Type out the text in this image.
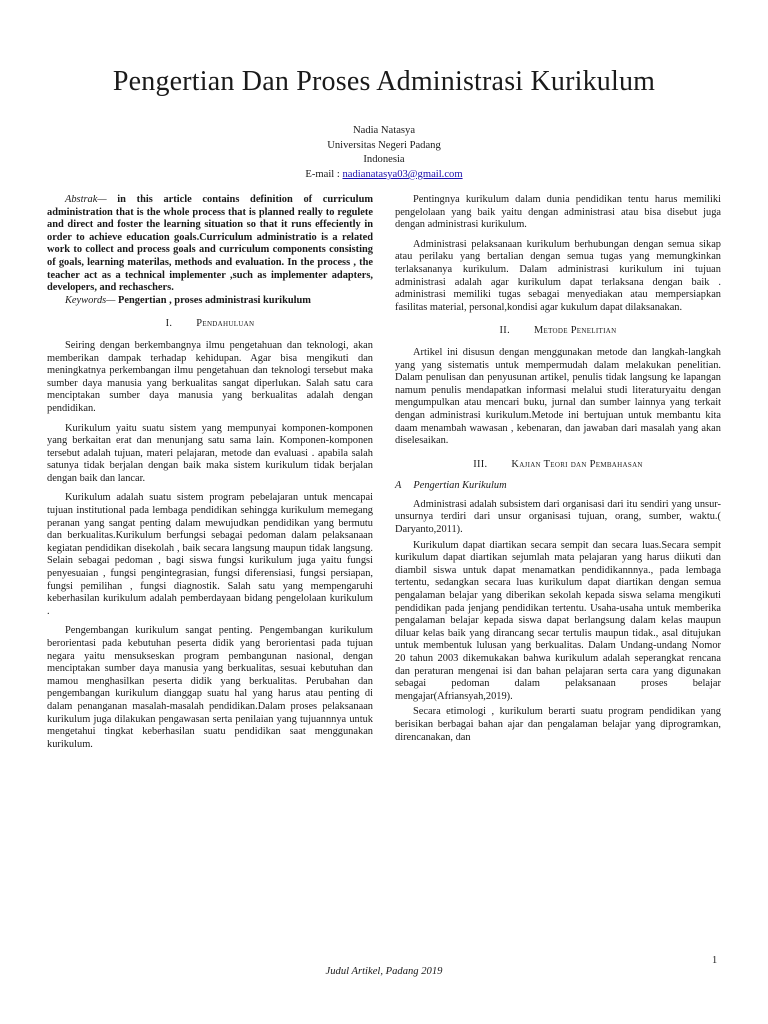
Pengertian Dan Proses Administrasi Kurikulum
Nadia Natasya
Universitas Negeri Padang
Indonesia
E-mail : nadianatasya03@gmail.com

Abstrak— in this article contains definition of curriculum administration that is the whole process that is planned really to regulete and direct and foster the learning situation so that it runs effeciently in order to achieve education goals.Curriculum administratio is a related work to collect and process goals and curriculum components consisting of goals, learning materilas, methods and evaluation. In the process , the teacher act as a technical implementer ,such as implementer adapters, developers, and rechaschers.

Keywords— Pengertian , proses administrasi kurikulum

I. Pendahuluan

Seiring dengan berkembangnya ilmu pengetahuan dan teknologi, akan memberikan dampak terhadap kehidupan. Agar bisa mengikuti dan meningkatnya perkembangan ilmu pengetahuan dan teknologi tersebut maka sumber daya manusia yang berkualitas sangat diperlukan. Salah satu cara menciptakan sumber daya manusia yang berkualitas adalah dengan pendidikan.

Kurikulum yaitu suatu sistem yang mempunyai komponen-komponen yang berkaitan erat dan menunjang satu sama lain. Komponen-komponen tersebut adalah tujuan, materi pelajaran, metode dan evaluasi . apabila salah satunya tidak berjalan dengan baik maka sistem kurikulum tidak berjalan dengan baik dan lancar.

Kurikulum adalah suatu sistem program pebelajaran untuk mencapai tujuan institutional pada lembaga pendidikan sehingga kurikulum memegang peranan yang sangat penting dalam mewujudkan pendidikan yang bermutu dan berkualitas.Kurikulum berfungsi sebagai pedoman dalam pelaksanaan kegiatan pendidikan disekolah , baik secara langsung maupun tidak langsung. Selain sebagai pedoman , bagi siswa fungsi kurikulum juga yaitu fungsi penyesuaian , fungsi pengintegrasian, fungsi diferensiasi, fungsi persiapan, fungsi pemilihan , fungsi diagnostik. Salah satu yang mempengaruhi keberhasilan kurikulum adalah pemberdayaan bidang pengelolaan kurikulum .

Pengembangan kurikulum sangat penting. Pengembangan kurikulum berorientasi pada kebutuhan peserta didik yang berorientasi pada tujuan negara yaitu mensukseskan program pembangunan nasional, dengan menciptakan sumber daya manusia yang berkualitas, sesuai kebutuhan dan mamou menghasilkan peserta didik yang berkualitas. Perubahan dan pengembangan kurikulum dianggap suatu hal yang harus atau penting di dalam penanganan masalah-masalah pendidikan.Dalam proses pelaksanaan kurikulum juga dilakukan pengawasan serta penilaian yang tujuannnya untuk mengetahui tingkat keberhasilan suatu pendidikan saat menggunakan kurikulum.

Pentingnya kurikulum dalam dunia pendidikan tentu harus memiliki pengelolaan yang baik yaitu dengan administrasi atau bisa disebut juga dengan administrasi kurikulum.

Administrasi pelaksanaan kurikulum berhubungan dengan semua sikap atau perilaku yang bertalian dengan semua tugas yang memungkinkan terlaksananya kurikulum. Dalam administrasi kurikulum ini tujuan administrasi adalah agar kurikulum dapat terlaksana dengan baik . administrasi memiliki tugas sebagai menyediakan atau mempersiapkan fasilitas material, personal,kondisi agar kukulum dapat dilaksanakan.

II. Metode Penelitian

Artikel ini disusun dengan menggunakan metode dan langkah-langkah yang yang sistematis untuk mempermudah dalam melakukan penelitian. Dalam penulisan dan penyusunan artikel, penulis tidak langsung ke lapangan namum penulis mendapatkan informasi melalui studi literaturyaitu dengan mengumpulkan atau mencari buku, jurnal dan sumber lainnya yang terkait dengan administrasi kurikulum.Metode ini bertujuan untuk membantu kita daam menambah wawasan , kebenaran, dan jawaban dari masalah yang akan diselesaikan.

III. Kajian Teori dan Pembahasan
A Pengertian Kurikulum

Administrasi adalah subsistem dari organisasi dari itu sendiri yang unsur-unsurnya terdiri dari unsur organisasi tujuan, orang, sumber, waktu.( Daryanto,2011).

Kurikulum dapat diartikan secara sempit dan secara luas.Secara sempit kurikulum dapat diartikan sejumlah mata pelajaran yang harus diikuti dan diambil siswa untuk dapat menamatkan pendidikannnya., pada lembaga tertentu, sedangkan secara luas kurikulum dapat diartikan dengan semua pengalaman belajar yang diberikan sekolah kepada siswa selama mengikuti pendidikan pada jenjang pendidikan tertentu. Usaha-usaha untuk memberika pengalaman belajar kepada siswa dapat berlangsung dalam kelas maupun diluar kelas baik yang dirancang secar tertulis maupun tidak., asal ditujukan untuk membentuk lulusan yang berkualitas. Dalam Undang-undang Nomor 20 tahun 2003 dikemukakan bahwa kurikulum adalah seperangkat rencana dan peraturan mengenai isi dan bahan pelajaran serta cara yang digunakan sebagai pedoman dalam pelaksanaan proses belajar mengajar(Afriansyah,2019).

Secara etimologi , kurikulum berarti suatu program pendidikan yang berisikan berbagai bahan ajar dan pengalaman belajar yang diprogramkan, direncanakan, dan

1
Judul Artikel, Padang 2019
